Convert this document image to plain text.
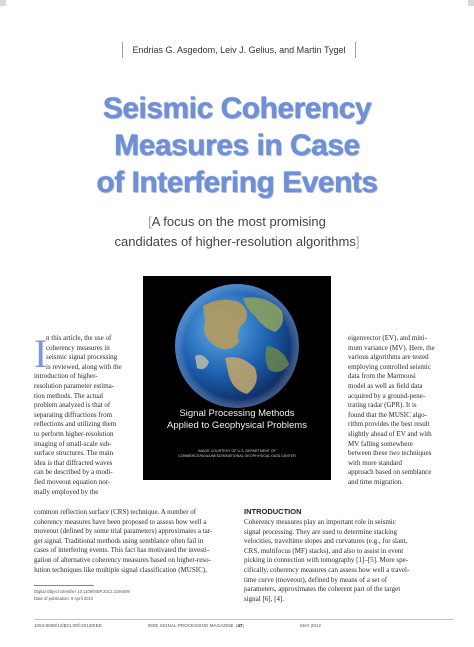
Endrias G. Asgedom, Leiv J. Gelius, and Martin Tygel
Seismic Coherency
Measures in Case
of Interfering Events
[A focus on the most promising
candidates of higher-resolution algorithms]
Signal Processing Methods
Applied to Geophysical Problems
IMAGE COURTESY OF U.S. DEPARTMENT OF
COMMERCE/NOAA/NESDIS/NATIONAL GEOPHYSICAL DATA CENTER
I
n this article, the use of
coherency measures in
seismic signal processing
is reviewed, along with the
introduction of higher-
resolution parameter estima-
tion methods. The actual
problem analyzed is that of
separating diffractions from
reflections and utilizing them
to perform higher-resolution
imaging of small-scale sub-
surface structures. The main
idea is that diffracted waves
can be described by a modi-
fied moveout equation nor-
mally employed by the
common reflection surface (CRS) technique. A number of
coherency measures have been proposed to assess how well a
moveout (defined by some trial parameters) approximates a tar-
get signal. Traditional methods using semblance often fail in
cases of interfering events. This fact has motivated the investi-
gation of alternative coherency measures based on higher-reso-
lution techniques like multiple signal classification (MUSIC),
eigenvector (EV), and mini-
mum variance (MV). Here, the
various algorithms are tested
employing controlled seismic
data from the Marmousi
model as well as field data
acquired by a ground-pene-
trating radar (GPR). It is
found that the MUSIC algo-
rithm provides the best result
slightly ahead of EV and with
MV falling somewhere
between these two techniques
with more standard
approach based on semblance
and time migration.
INTRODUCTION
Coherency measures play an important role in seismic
signal processing. They are used to determine stacking
velocities, traveltime slopes and curvatures (e.g., for slant,
CRS, multifocus (MF) stacks), and also to assist in event
picking in connection with tomography [1]–[5]. More spe-
cifically, coherency measures can assess how well a travel-
time curve (moveout), defined by means of a set of
parameters, approximates the coherent part of the target
signal [6], [4].
Digital Object Identifier 10.1109/MSP.2012.2190409
Date of publication: 9 April 2012
1053-5888/12/$31.00©2012IEEE	IEEE SIGNAL PROCESSING MAGAZINE  |47|	MAY 2012
